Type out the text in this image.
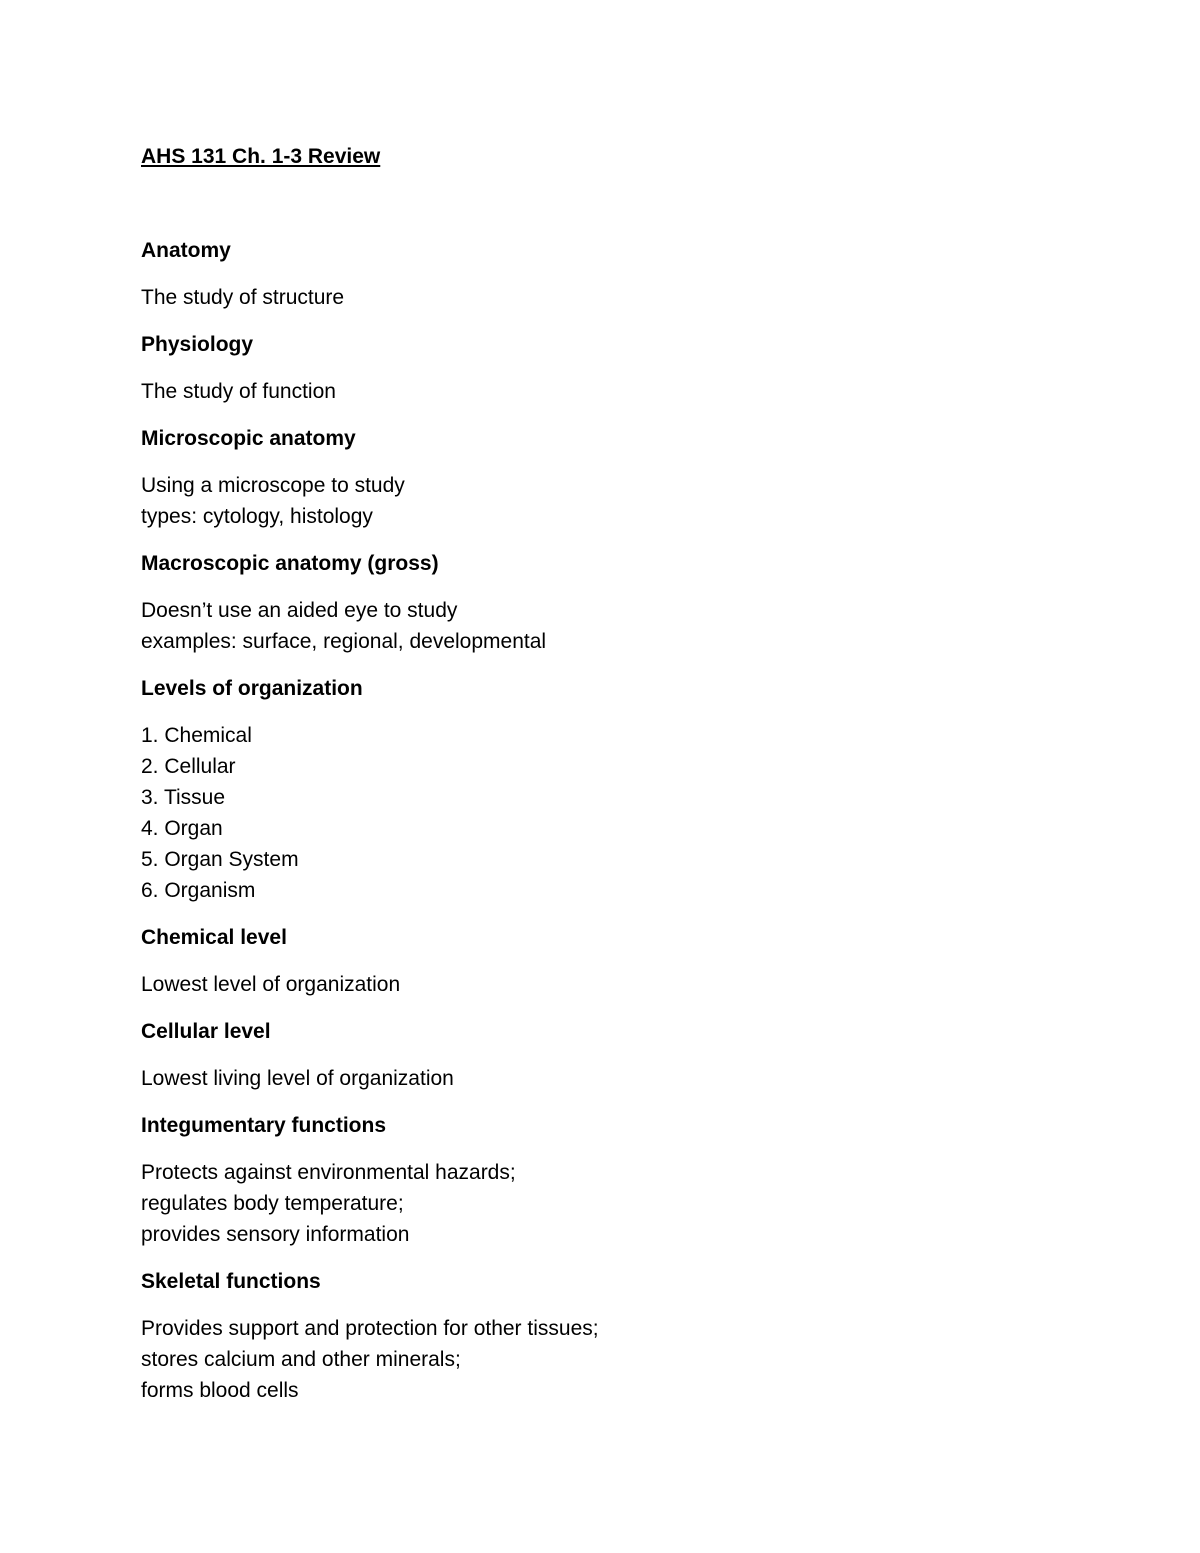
AHS 131 Ch. 1-3 Review
Anatomy
The study of structure
Physiology
The study of function
Microscopic anatomy
Using a microscope to study
types: cytology, histology
Macroscopic anatomy (gross)
Doesn’t use an aided eye to study
examples: surface, regional, developmental
Levels of organization
1. Chemical
2. Cellular
3. Tissue
4. Organ
5. Organ System
6. Organism
Chemical level
Lowest level of organization
Cellular level
Lowest living level of organization
Integumentary functions
Protects against environmental hazards;
regulates body temperature;
provides sensory information
Skeletal functions
Provides support and protection for other tissues;
stores calcium and other minerals;
forms blood cells
